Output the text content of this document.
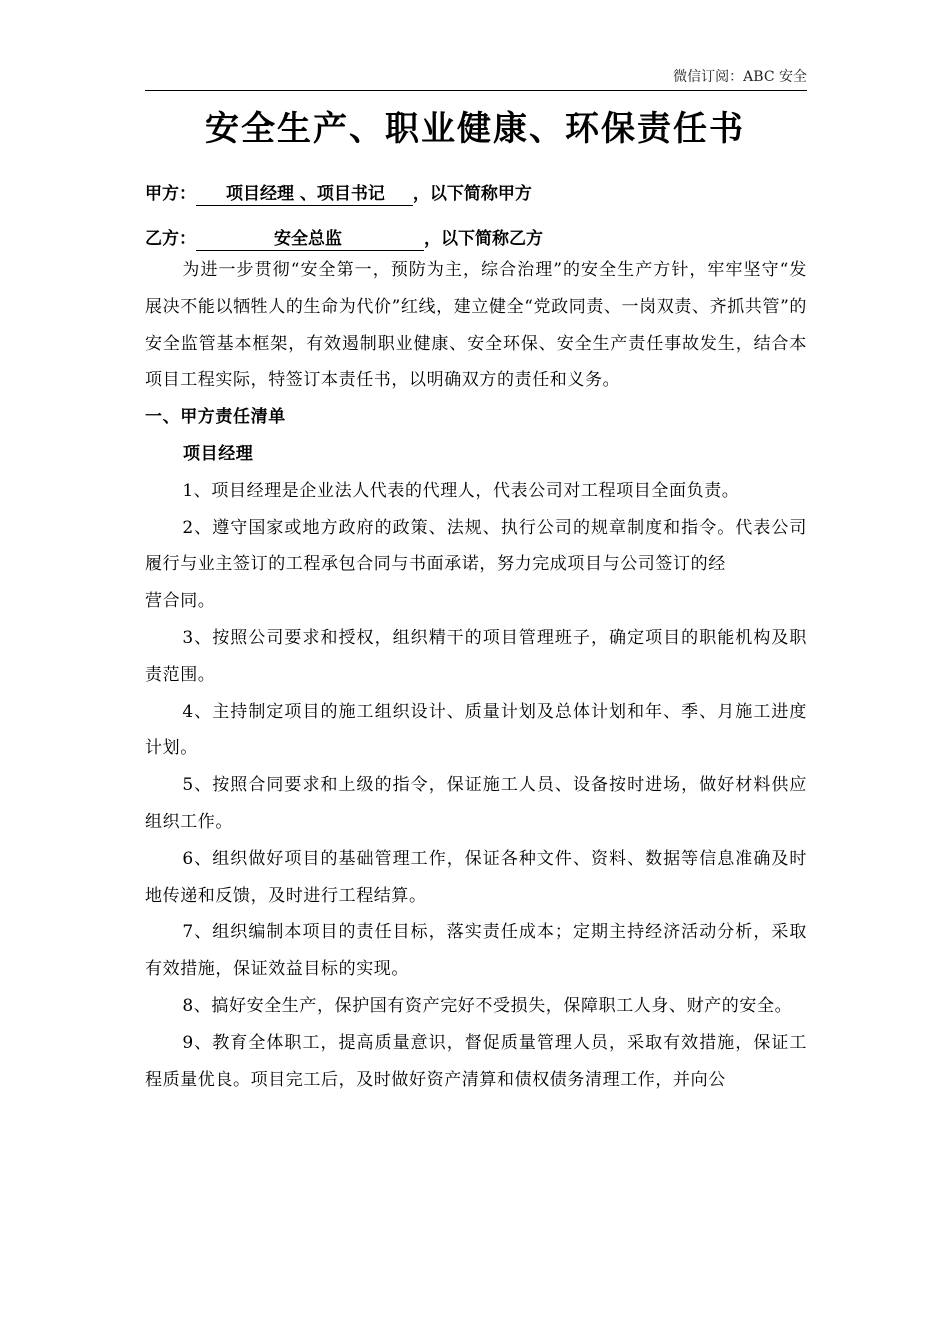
微信订阅：ABC 安全
安全生产、职业健康、环保责任书
甲方： 项目经理 、项目书记 ，以下简称甲方
乙方：	安全总监	，以下简称乙方

为进一步贯彻“安全第一，预防为主，综合治理”的安全生产方针，牢牢坚守“发展决不能以牺牲人的生命为代价”红线，建立健全“党政同责、一岗双责、齐抓共管”的安全监管基本框架，有效遏制职业健康、安全环保、安全生产责任事故发生，结合本项目工程实际，特签订本责任书，以明确双方的责任和义务。

一、甲方责任清单

项目经理

1、项目经理是企业法人代表的代理人，代表公司对工程项目全面负责。

2、遵守国家或地方政府的政策、法规、执行公司的规章制度和指令。代表公司履行与业主签订的工程承包合同与书面承诺，努力完成项目与公司签订的经

营合同。

3、按照公司要求和授权，组织精干的项目管理班子，确定项目的职能机构及职责范围。

4、主持制定项目的施工组织设计、质量计划及总体计划和年、季、月施工进度计划。

5、按照合同要求和上级的指令，保证施工人员、设备按时进场，做好材料供应组织工作。

6、组织做好项目的基础管理工作，保证各种文件、资料、数据等信息准确及时地传递和反馈，及时进行工程结算。

7、组织编制本项目的责任目标，落实责任成本；定期主持经济活动分析，采取有效措施，保证效益目标的实现。

8、搞好安全生产，保护国有资产完好不受损失，保障职工人身、财产的安全。

9、教育全体职工，提高质量意识，督促质量管理人员，采取有效措施，保证工程质量优良。项目完工后，及时做好资产清算和债权债务清理工作，并向公
